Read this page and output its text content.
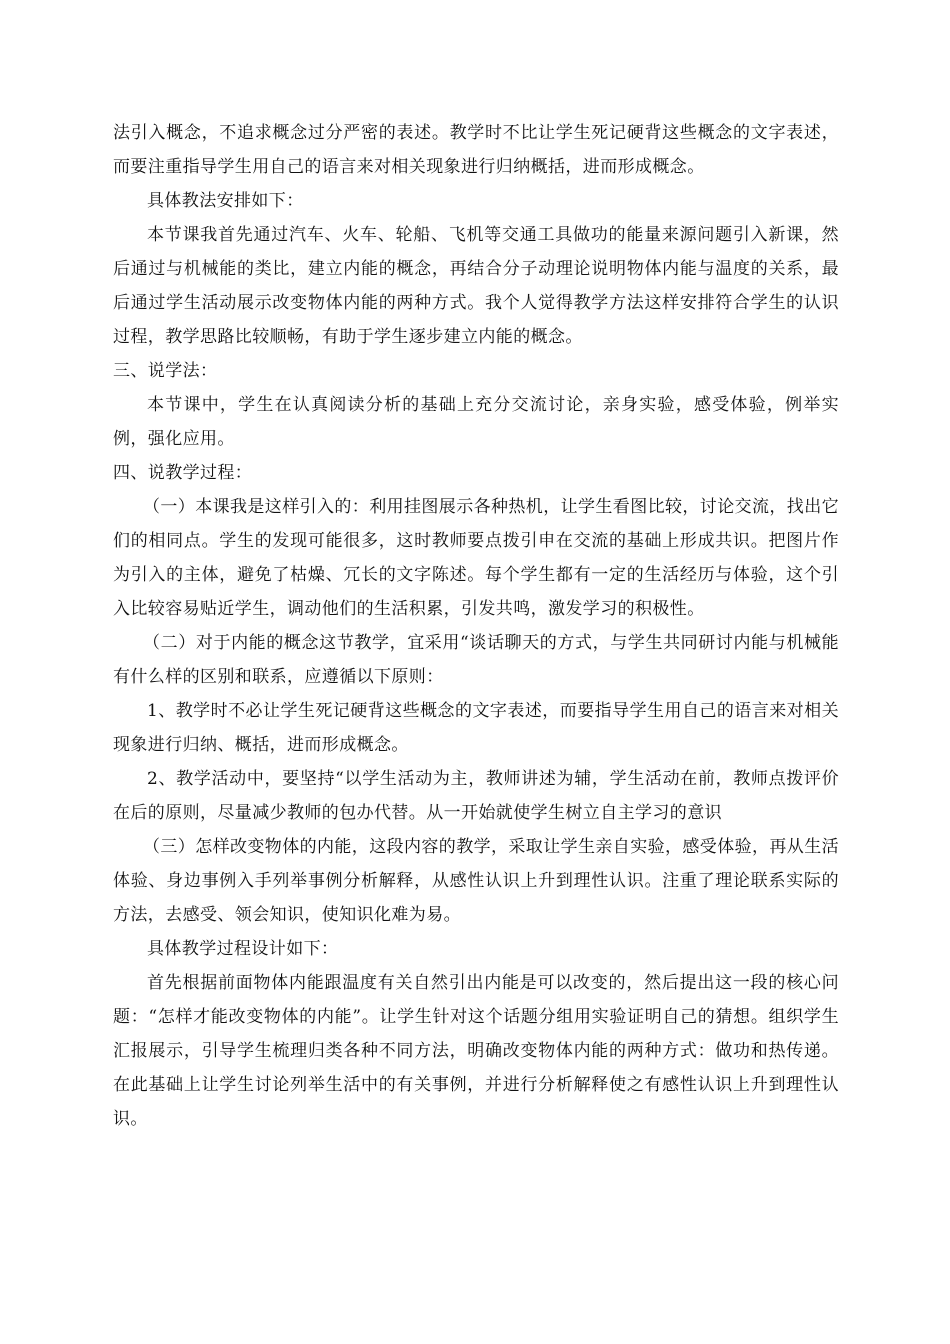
法引入概念，不追求概念过分严密的表述。教学时不比让学生死记硬背这些概念的文字表述，而要注重指导学生用自己的语言来对相关现象进行归纳概括，进而形成概念。

具体教法安排如下：

本节课我首先通过汽车、火车、轮船、飞机等交通工具做功的能量来源问题引入新课，然后通过与机械能的类比，建立内能的概念，再结合分子动理论说明物体内能与温度的关系，最后通过学生活动展示改变物体内能的两种方式。我个人觉得教学方法这样安排符合学生的认识过程，教学思路比较顺畅，有助于学生逐步建立内能的概念。

三、说学法：

本节课中，学生在认真阅读分析的基础上充分交流讨论，亲身实验，感受体验，例举实例，强化应用。

四、说教学过程：

（一）本课我是这样引入的：利用挂图展示各种热机，让学生看图比较，讨论交流，找出它们的相同点。学生的发现可能很多，这时教师要点拨引申在交流的基础上形成共识。把图片作为引入的主体，避免了枯燥、冗长的文字陈述。每个学生都有一定的生活经历与体验，这个引入比较容易贴近学生，调动他们的生活积累，引发共鸣，激发学习的积极性。

（二）对于内能的概念这节教学，宜采用“谈话聊天的方式，与学生共同研讨内能与机械能有什么样的区别和联系，应遵循以下原则：

1、教学时不必让学生死记硬背这些概念的文字表述，而要指导学生用自己的语言来对相关现象进行归纳、概括，进而形成概念。

2、教学活动中，要坚持“以学生活动为主，教师讲述为辅，学生活动在前，教师点拨评价在后的原则，尽量减少教师的包办代替。从一开始就使学生树立自主学习的意识

（三）怎样改变物体的内能，这段内容的教学，采取让学生亲自实验，感受体验，再从生活体验、身边事例入手列举事例分析解释，从感性认识上升到理性认识。注重了理论联系实际的方法，去感受、领会知识，使知识化难为易。

具体教学过程设计如下：

首先根据前面物体内能跟温度有关自然引出内能是可以改变的，然后提出这一段的核心问题：“怎样才能改变物体的内能”。让学生针对这个话题分组用实验证明自己的猜想。组织学生汇报展示，引导学生梳理归类各种不同方法，明确改变物体内能的两种方式：做功和热传递。在此基础上让学生讨论列举生活中的有关事例，并进行分析解释使之有感性认识上升到理性认识。
